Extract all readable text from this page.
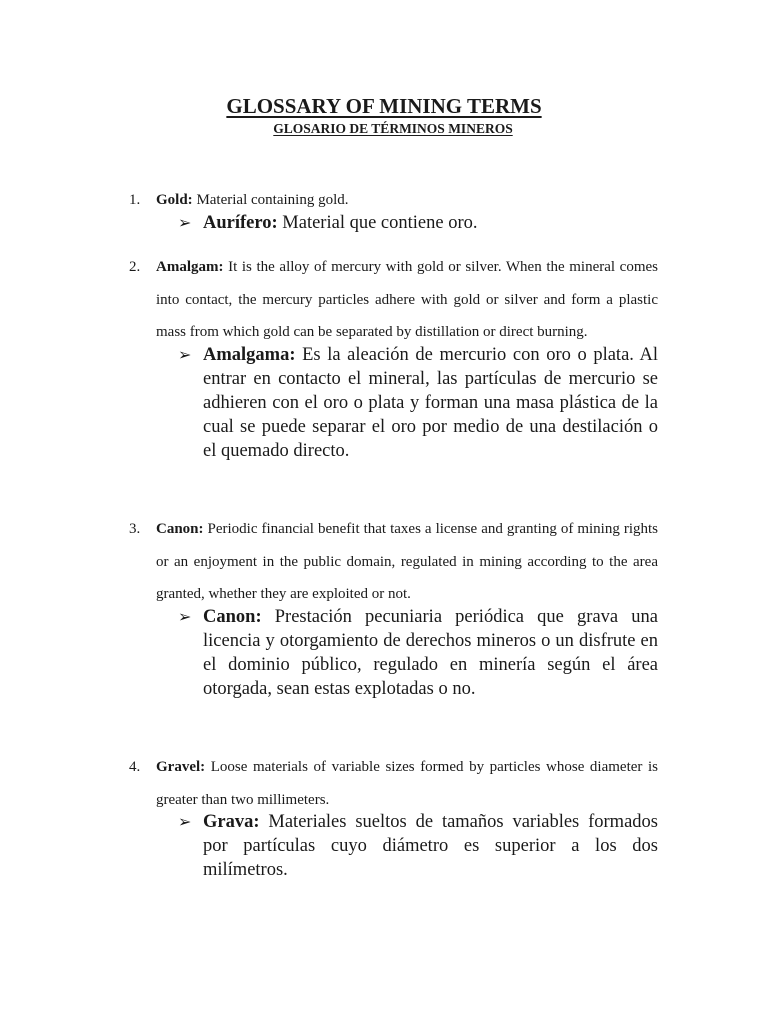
GLOSSARY OF MINING TERMS
GLOSARIO DE TÉRMINOS MINEROS
1. Gold: Material containing gold.

➢ Aurífero: Material que contiene oro.

2. Amalgam: It is the alloy of mercury with gold or silver. When the mineral comes into contact, the mercury particles adhere with gold or silver and form a plastic mass from which gold can be separated by distillation or direct burning.

➢ Amalgama: Es la aleación de mercurio con oro o plata. Al entrar en contacto el mineral, las partículas de mercurio se adhieren con el oro o plata y forman una masa plástica de la cual se puede separar el oro por medio de una destilación o el quemado directo.

3. Canon: Periodic financial benefit that taxes a license and granting of mining rights or an enjoyment in the public domain, regulated in mining according to the area granted, whether they are exploited or not.

➢ Canon: Prestación pecuniaria periódica que grava una licencia y otorgamiento de derechos mineros o un disfrute en el dominio público, regulado en minería según el área otorgada, sean estas explotadas o no.

4. Gravel: Loose materials of variable sizes formed by particles whose diameter is greater than two millimeters.

➢ Grava: Materiales sueltos de tamaños variables formados por partículas cuyo diámetro es superior a los dos milímetros.
